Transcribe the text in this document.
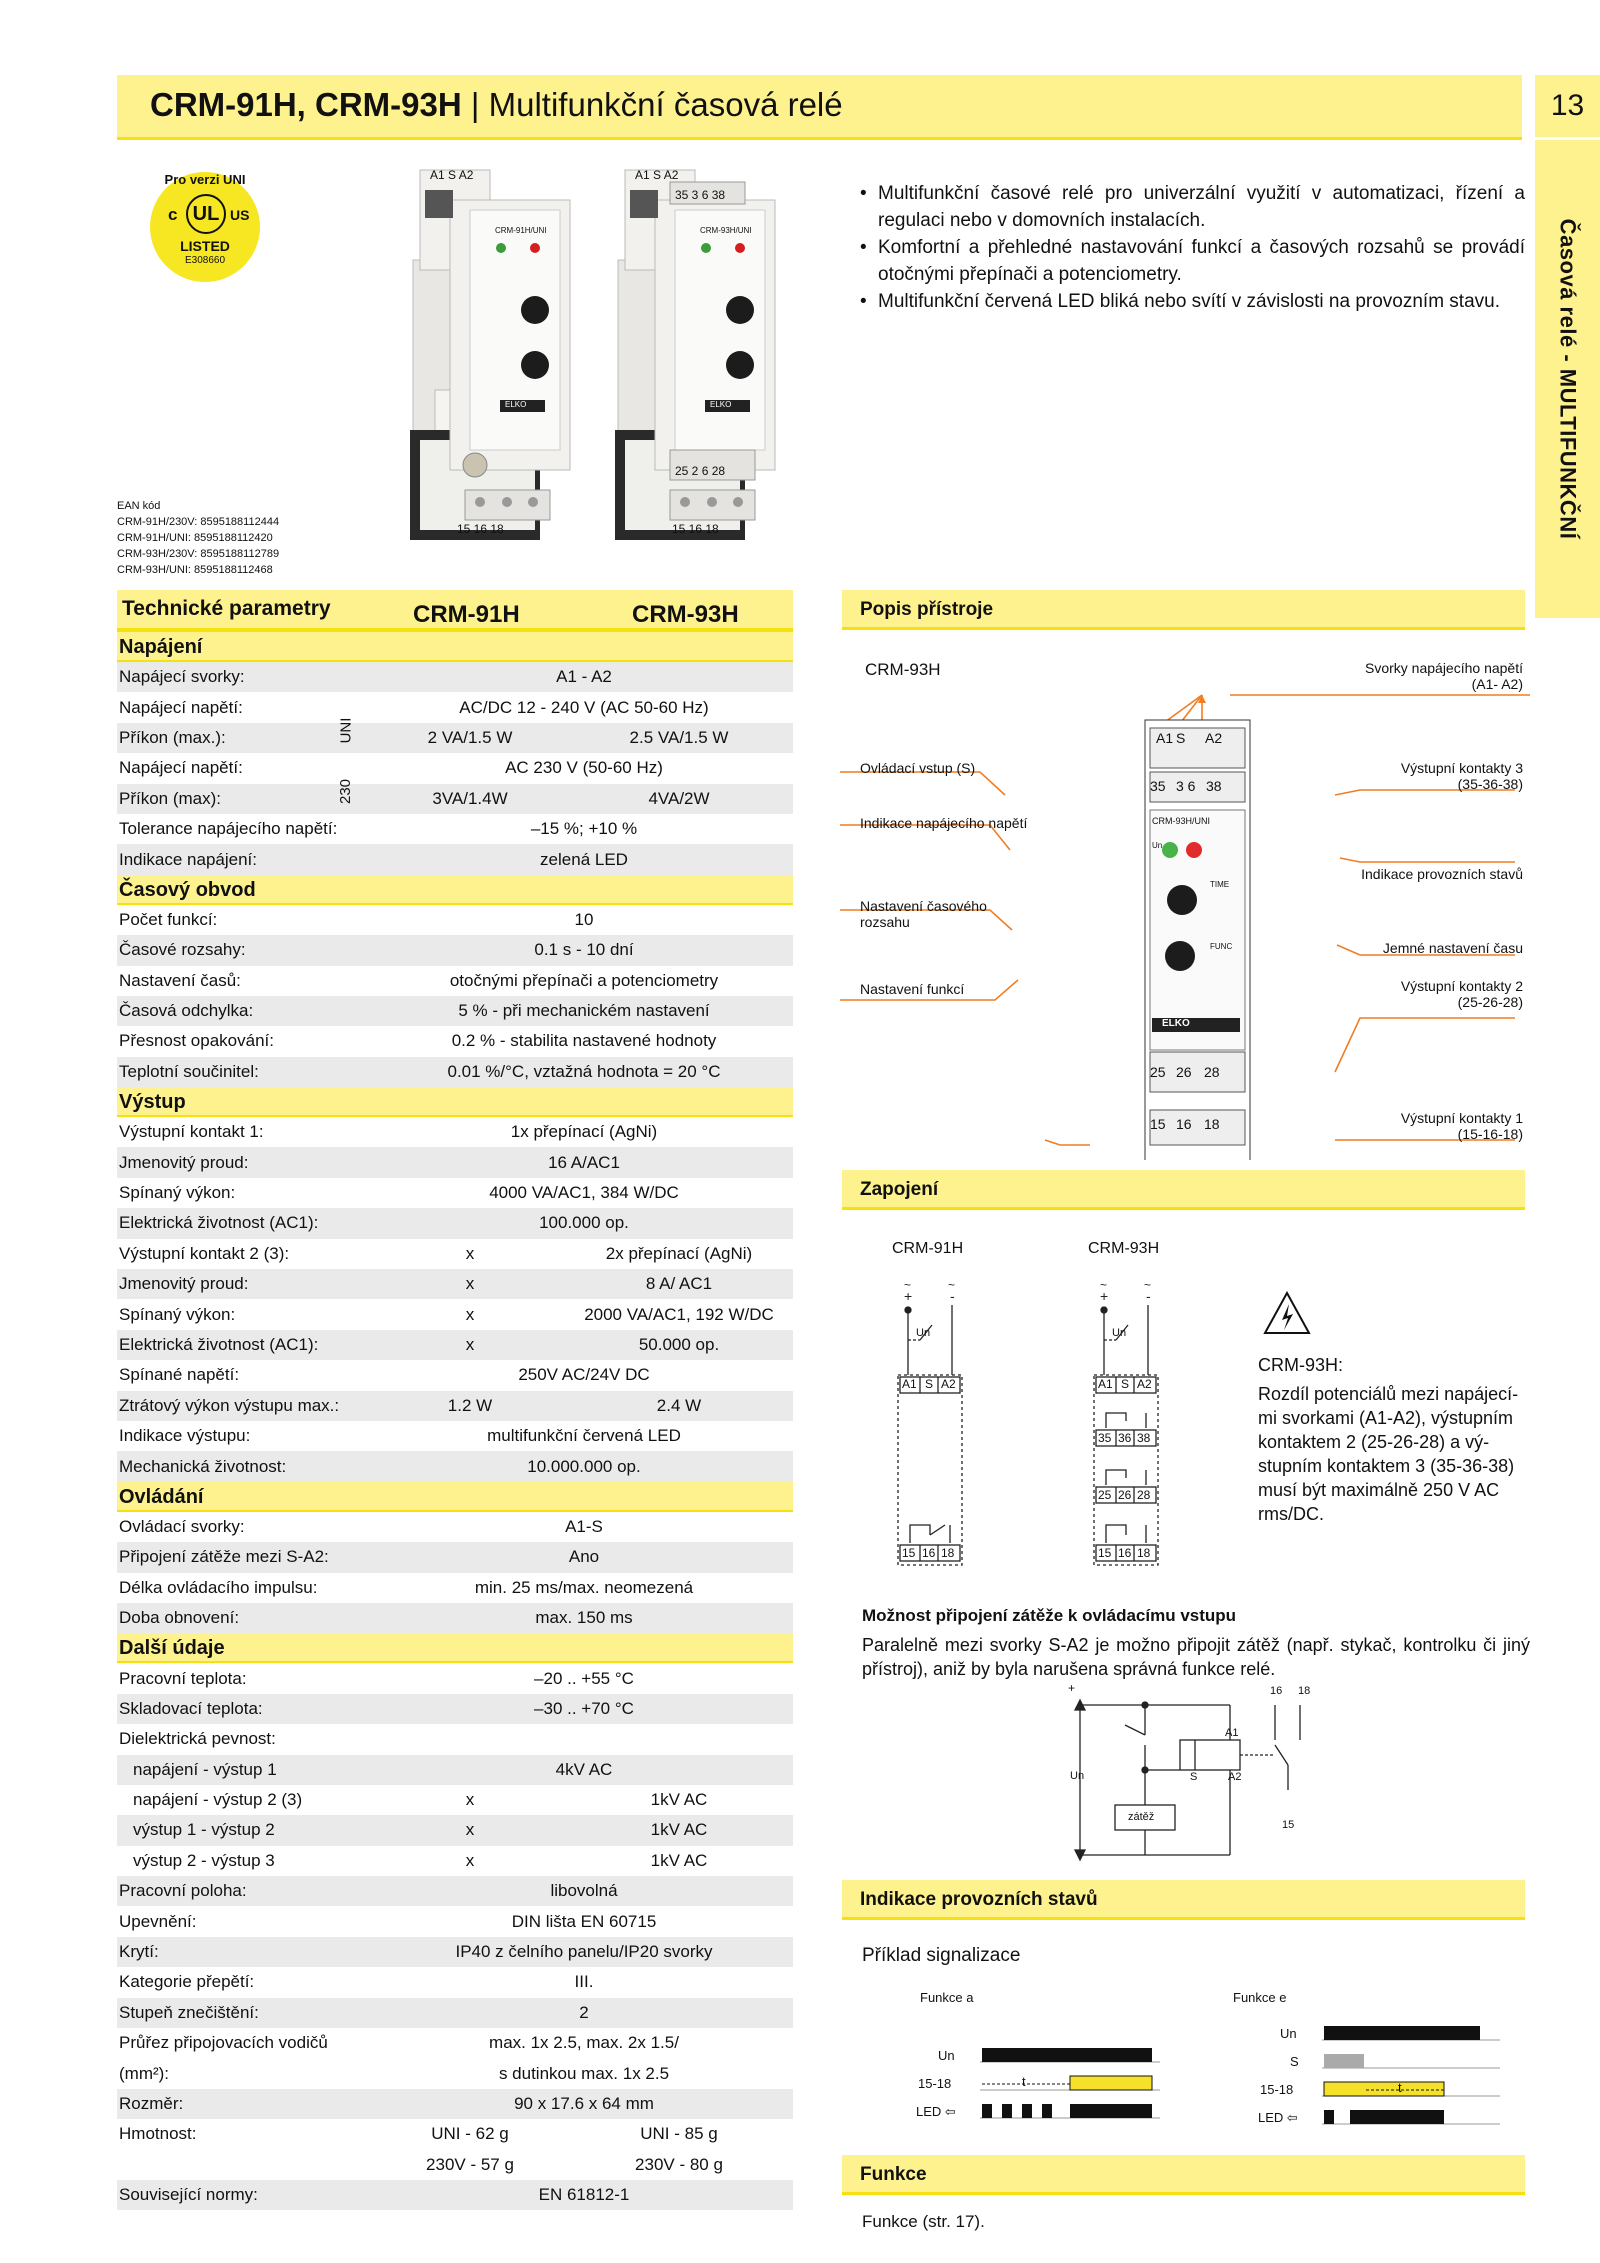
CRM-91H, CRM-93H | Multifunkční časová relé	13
Časová relé - MULTIFUNKČNÍ
Pro verzi UNI
UL
c	US
LISTED
E308660
EAN kód
CRM-91H/230V: 8595188112444
CRM-91H/UNI: 8595188112420
CRM-93H/230V: 8595188112789
CRM-93H/UNI: 8595188112468
A1 S A2
CRM-91H/UNI
ELKO
15 16 18
A1 S A2
35 3 6 38
CRM-93H/UNI
ELKO
25 2 6 28
15 16 18
• Multifunkční časové relé pro univerzální využití v automatizaci, řízení a regulaci nebo v domovních instalacích.
• Komfortní a přehledné nastavování funkcí a časových rozsahů se provádí otočnými přepínači a potenciometry.
• Multifunkční červená LED bliká nebo svítí v závislosti na provozním stavu.
Technické parametry	CRM-91H	CRM-93H
Napájení
Napájecí svorky:	A1 - A2
Napájecí napětí:	AC/DC 12 - 240 V (AC 50-60 Hz)
Příkon (max.):	2 VA/1.5 W	2.5 VA/1.5 W
Napájecí napětí:	AC 230 V (50-60 Hz)
Příkon (max):	3VA/1.4W	4VA/2W
Tolerance napájecího napětí:	–15 %; +10 %
Indikace napájení:	zelená LED
Časový obvod
Počet funkcí:	10
Časové rozsahy:	0.1 s - 10 dní
Nastavení časů:	otočnými přepínači a potenciometry
Časová odchylka:	5 % - při mechanickém nastavení
Přesnost opakování:	0.2 % - stabilita nastavené hodnoty
Teplotní součinitel:	0.01 %/°C, vztažná hodnota = 20 °C
Výstup
Výstupní kontakt 1:	1x přepínací (AgNi)
Jmenovitý proud:	16 A/AC1
Spínaný výkon:	4000 VA/AC1, 384 W/DC
Elektrická životnost (AC1):	100.000 op.
Výstupní kontakt 2 (3):	x	2x přepínací (AgNi)
Jmenovitý proud:	x	8 A/ AC1
Spínaný výkon:	x	2000 VA/AC1, 192 W/DC
Elektrická životnost (AC1):	x	50.000 op.
Spínané napětí:	250V AC/24V DC
Ztrátový výkon výstupu max.:	1.2 W	2.4 W
Indikace výstupu:	multifunkční červená LED
Mechanická životnost:	10.000.000 op.
Ovládání
Ovládací svorky:	A1-S
Připojení zátěže mezi S-A2:	Ano
Délka ovládacího impulsu:	min. 25 ms/max. neomezená
Doba obnovení:	max. 150 ms
Další údaje
Pracovní teplota:	–20 .. +55 °C
Skladovací teplota:	–30 .. +70 °C
Dielektrická pevnost:
napájení - výstup 1	4kV AC
napájení - výstup 2 (3)	x	1kV AC
výstup 1 - výstup 2	x	1kV AC
výstup 2 - výstup 3	x	1kV AC
Pracovní poloha:	libovolná
Upevnění:	DIN lišta EN 60715
Krytí:	IP40 z čelního panelu/IP20 svorky
Kategorie přepětí:	III.
Stupeň znečištění:	2
Průřez připojovacích vodičů	max. 1x 2.5, max. 2x 1.5/
(mm²):	s dutinkou max. 1x 2.5
Rozměr:	90 x 17.6 x 64 mm
Hmotnost:	UNI - 62 g	UNI - 85 g
230V - 57 g	230V - 80 g
Související normy:	EN 61812-1
UNI
230
Popis přístroje
CRM-93H
A1 S A2
35 3 6 38
CRM-93H/UNI
Un
TIME
FUNC
ELKO
25 26 28
15 16 18
Svorky napájecího napětí
(A1- A2)
Ovládací vstup (S)	Výstupní kontakty 3
(35-36-38)
Indikace napájecího napětí
Indikace provozních stavů
Nastavení časového
rozsahu
Jemné nastavení času
Nastavení funkcí	Výstupní kontakty 2
(25-26-28)
Výstupní kontakty 1
(15-16-18)
Zapojení
CRM-91H	CRM-93H
~
+
~
-
Un
A1 S A2
15 16 18
~
+
~
-
Un
A1 S A2
35 36 38
25 26 28
15 16 18
CRM-93H:
Rozdíl potenciálů mezi napájecí-mi svorkami (A1-A2), výstupním kontaktem 2 (25-26-28) a vý-stupním kontaktem 3 (35-36-38) musí být maximálně 250 V AC rms/DC.
Možnost připojení zátěže k ovládacímu vstupu
Paralelně mezi svorky S-A2 je možno připojit zátěž (např. stykač, kontrolku či jiný přístroj), aniž by byla narušena správná funkce relé.
+
Un
A1
S	A2
zátěž
16 18
15
Indikace provozních stavů
Příklad signalizace
Funkce a	Funkce e
Un
15-18	t
LED ⇦
Un
S
15-18	t
LED ⇦
Funkce
Funkce (str. 17).
